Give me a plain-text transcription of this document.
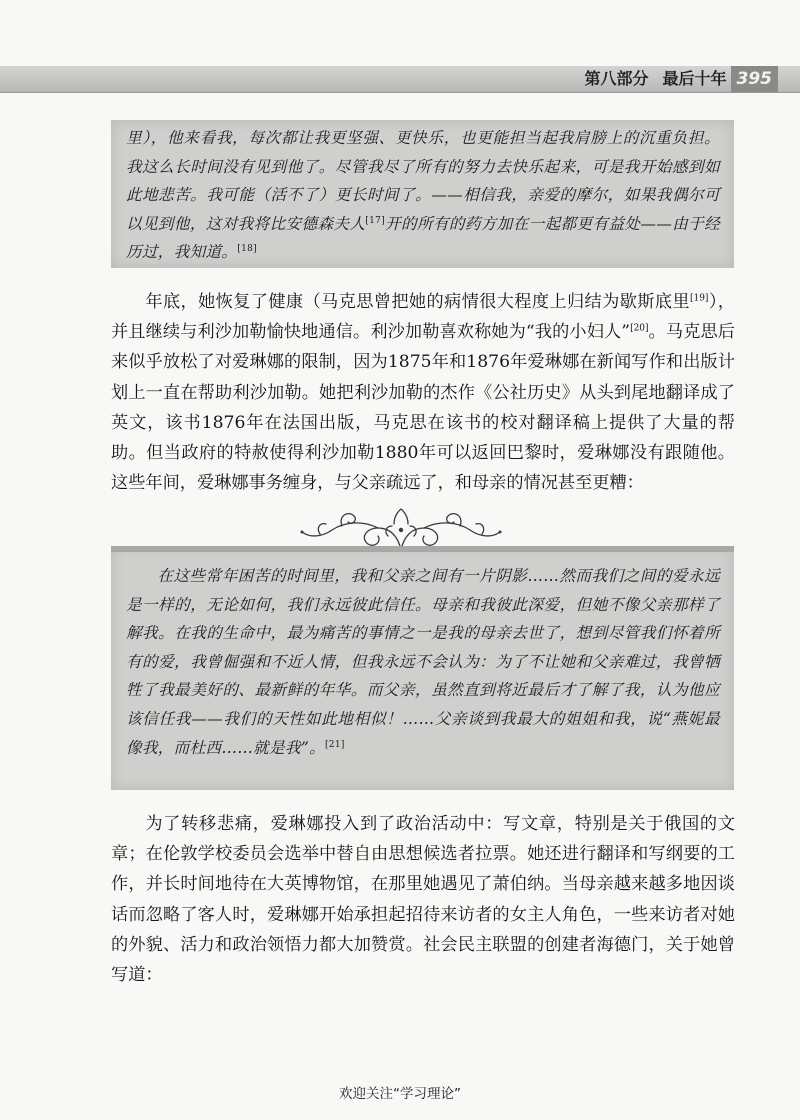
第八部分 最后十年 395

里），他来看我，每次都让我更坚强、更快乐，也更能担当起我肩膀上的沉重负担。我这么长时间没有见到他了。尽管我尽了所有的努力去快乐起来，可是我开始感到如此地悲苦。我可能（活不了）更长时间了。——相信我，亲爱的摩尔，如果我偶尔可以见到他，这对我将比安德森夫人[17]开的所有的药方加在一起都更有益处——由于经历过，我知道。[18]

年底，她恢复了健康（马克思曾把她的病情很大程度上归结为歇斯底里[19]），并且继续与利沙加勒愉快地通信。利沙加勒喜欢称她为“我的小妇人”[20]。马克思后来似乎放松了对爱琳娜的限制，因为1875年和1876年爱琳娜在新闻写作和出版计划上一直在帮助利沙加勒。她把利沙加勒的杰作《公社历史》从头到尾地翻译成了英文，该书1876年在法国出版，马克思在该书的校对翻译稿上提供了大量的帮助。但当政府的特赦使得利沙加勒1880年可以返回巴黎时，爱琳娜没有跟随他。这些年间，爱琳娜事务缠身，与父亲疏远了，和母亲的情况甚至更糟：

在这些常年困苦的时间里，我和父亲之间有一片阴影……然而我们之间的爱永远是一样的，无论如何，我们永远彼此信任。母亲和我彼此深爱，但她不像父亲那样了解我。在我的生命中，最为痛苦的事情之一是我的母亲去世了，想到尽管我们怀着所有的爱，我曾倔强和不近人情，但我永远不会认为：为了不让她和父亲难过，我曾牺牲了我最美好的、最新鲜的年华。而父亲，虽然直到将近最后才了解了我，认为他应该信任我——我们的天性如此地相似！……父亲谈到我最大的姐姐和我，说“燕妮最像我，而杜西……就是我”。[21]

为了转移悲痛，爱琳娜投入到了政治活动中：写文章，特别是关于俄国的文章；在伦敦学校委员会选举中替自由思想候选者拉票。她还进行翻译和写纲要的工作，并长时间地待在大英博物馆，在那里她遇见了萧伯纳。当母亲越来越多地因谈话而忽略了客人时，爱琳娜开始承担起招待来访者的女主人角色，一些来访者对她的外貌、活力和政治领悟力都大加赞赏。社会民主联盟的创建者海德门，关于她曾写道：

欢迎关注“学习理论”
